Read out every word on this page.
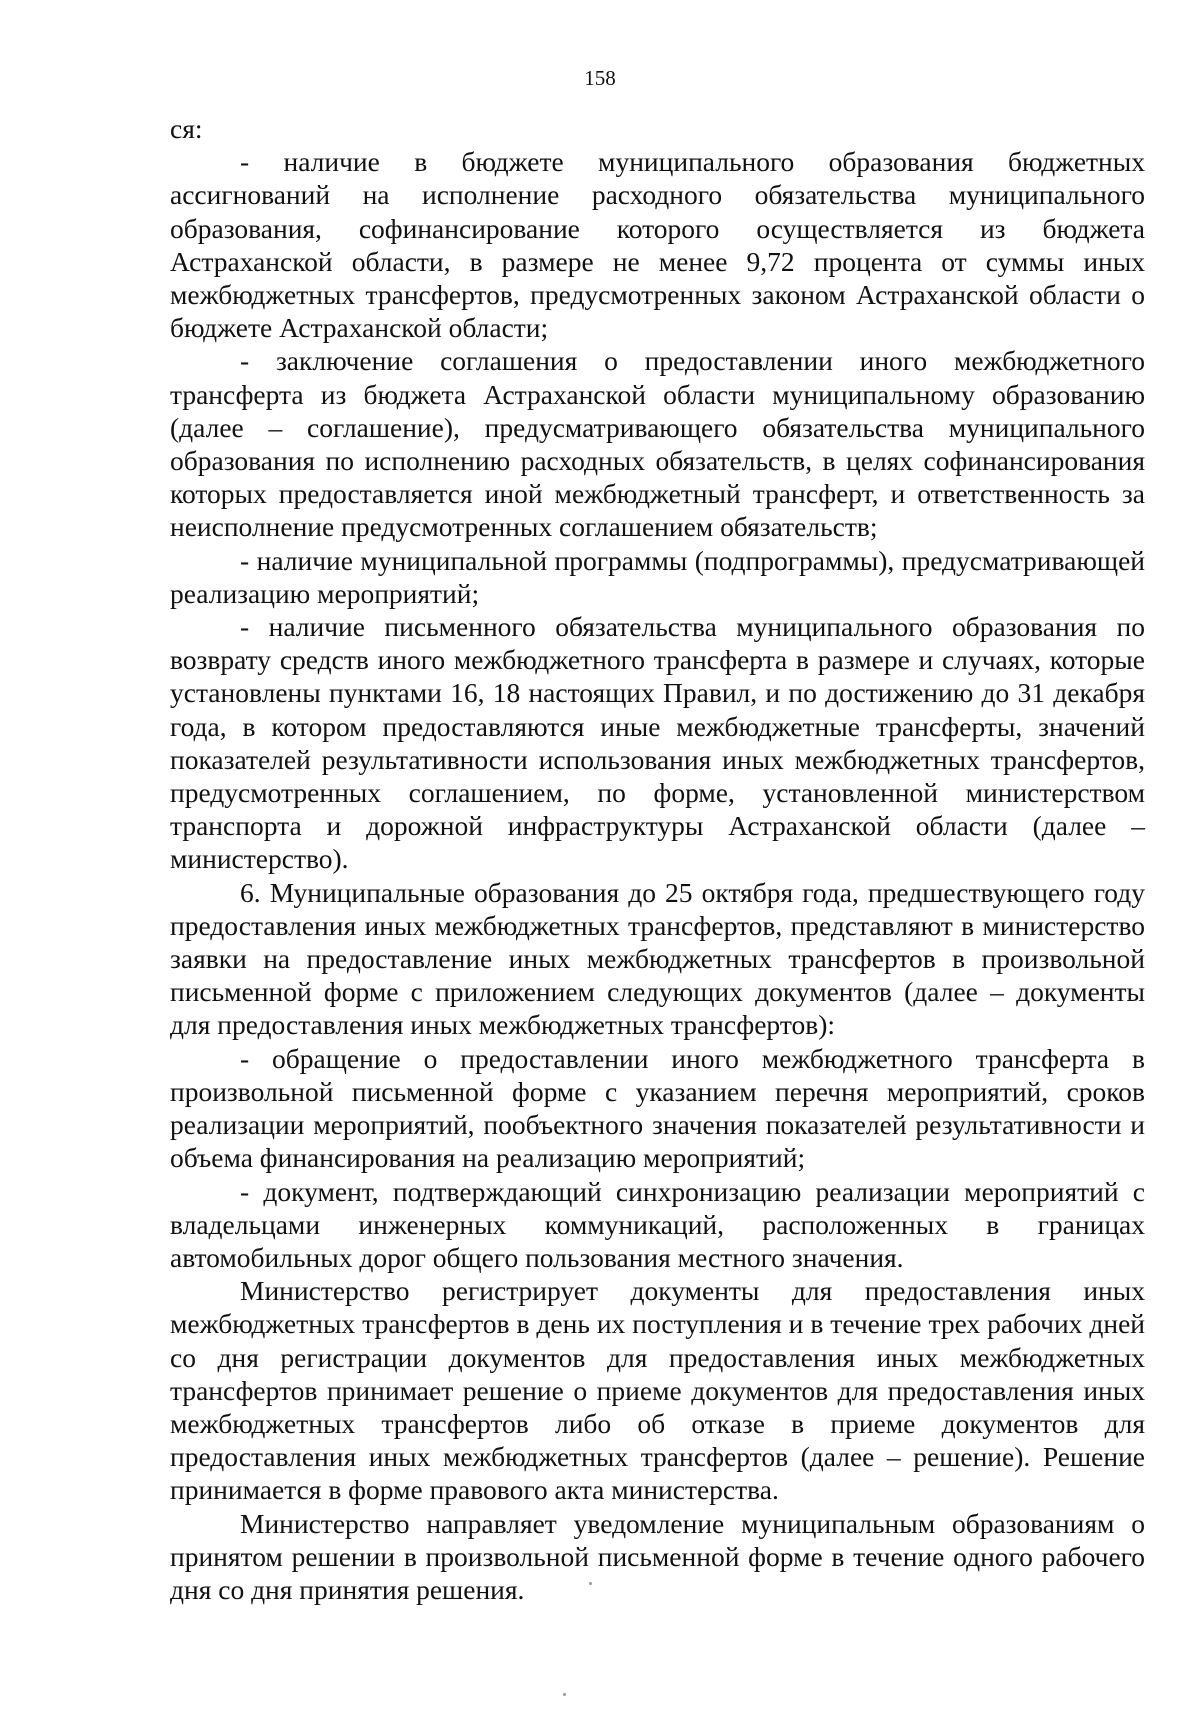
158

ся:

- наличие в бюджете муниципального образования бюджетных ассигнований на исполнение расходного обязательства муниципального образования, софинансирование которого осуществляется из бюджета Астраханской области, в размере не менее 9,72 процента от суммы иных межбюджетных трансфертов, предусмотренных законом Астраханской области о бюджете Астраханской области;

- заключение соглашения о предоставлении иного межбюджетного трансферта из бюджета Астраханской области муниципальному образованию (далее – соглашение), предусматривающего обязательства муниципального образования по исполнению расходных обязательств, в целях софинансирования которых предоставляется иной межбюджетный трансферт, и ответственность за неисполнение предусмотренных соглашением обязательств;

- наличие муниципальной программы (подпрограммы), предусматривающей реализацию мероприятий;

- наличие письменного обязательства муниципального образования по возврату средств иного межбюджетного трансферта в размере и случаях, которые установлены пунктами 16, 18 настоящих Правил, и по достижению до 31 декабря года, в котором предоставляются иные межбюджетные трансферты, значений показателей результативности использования иных межбюджетных трансфертов, предусмотренных соглашением, по форме, установленной министерством транспорта и дорожной инфраструктуры Астраханской области (далее – министерство).

6. Муниципальные образования до 25 октября года, предшествующего году предоставления иных межбюджетных трансфертов, представляют в министерство заявки на предоставление иных межбюджетных трансфертов в произвольной письменной форме с приложением следующих документов (далее – документы для предоставления иных межбюджетных трансфертов):

- обращение о предоставлении иного межбюджетного трансферта в произвольной письменной форме с указанием перечня мероприятий, сроков реализации мероприятий, пообъектного значения показателей результативности и объема финансирования на реализацию мероприятий;

- документ, подтверждающий синхронизацию реализации мероприятий с владельцами инженерных коммуникаций, расположенных в границах автомобильных дорог общего пользования местного значения.

Министерство регистрирует документы для предоставления иных межбюджетных трансфертов в день их поступления и в течение трех рабочих дней со дня регистрации документов для предоставления иных межбюджетных трансфертов принимает решение о приеме документов для предоставления иных межбюджетных трансфертов либо об отказе в приеме документов для предоставления иных межбюджетных трансфертов (далее – решение). Решение принимается в форме правового акта министерства.

Министерство направляет уведомление муниципальным образованиям о принятом решении в произвольной письменной форме в течение одного рабочего дня со дня принятия решения.
